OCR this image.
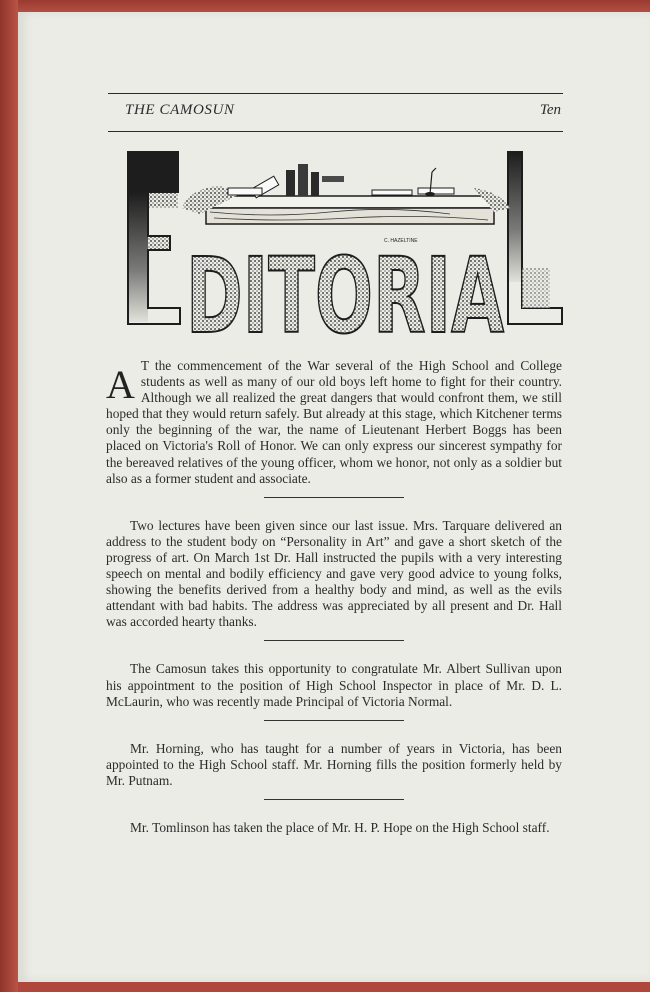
THE CAMOSUN	Ten
C. HAZELTINE
DITORIA
EDITORIAL

A T the commencement of the War several of the High School and College students as well as many of our old boys left home to fight for their country. Although we all realized the great dangers that would confront them, we still hoped that they would return safely. But already at this stage, which Kitchener terms only the beginning of the war, the name of Lieutenant Herbert Boggs has been placed on Victoria's Roll of Honor. We can only express our sincerest sympathy for the bereaved relatives of the young officer, whom we honor, not only as a soldier but also as a former student and associate.

Two lectures have been given since our last issue. Mrs. Tarquare delivered an address to the student body on “Personality in Art” and gave a short sketch of the progress of art. On March 1st Dr. Hall instructed the pupils with a very interesting speech on mental and bodily efficiency and gave very good advice to young folks, showing the benefits derived from a healthy body and mind, as well as the evils attendant with bad habits. The address was appreciated by all present and Dr. Hall was accorded hearty thanks.

The Camosun takes this opportunity to congratulate Mr. Albert Sullivan upon his appointment to the position of High School Inspector in place of Mr. D. L. McLaurin, who was recently made Principal of Victoria Normal.

Mr. Horning, who has taught for a number of years in Victoria, has been appointed to the High School staff. Mr. Horning fills the position formerly held by Mr. Putnam.

Mr. Tomlinson has taken the place of Mr. H. P. Hope on the High School staff.
